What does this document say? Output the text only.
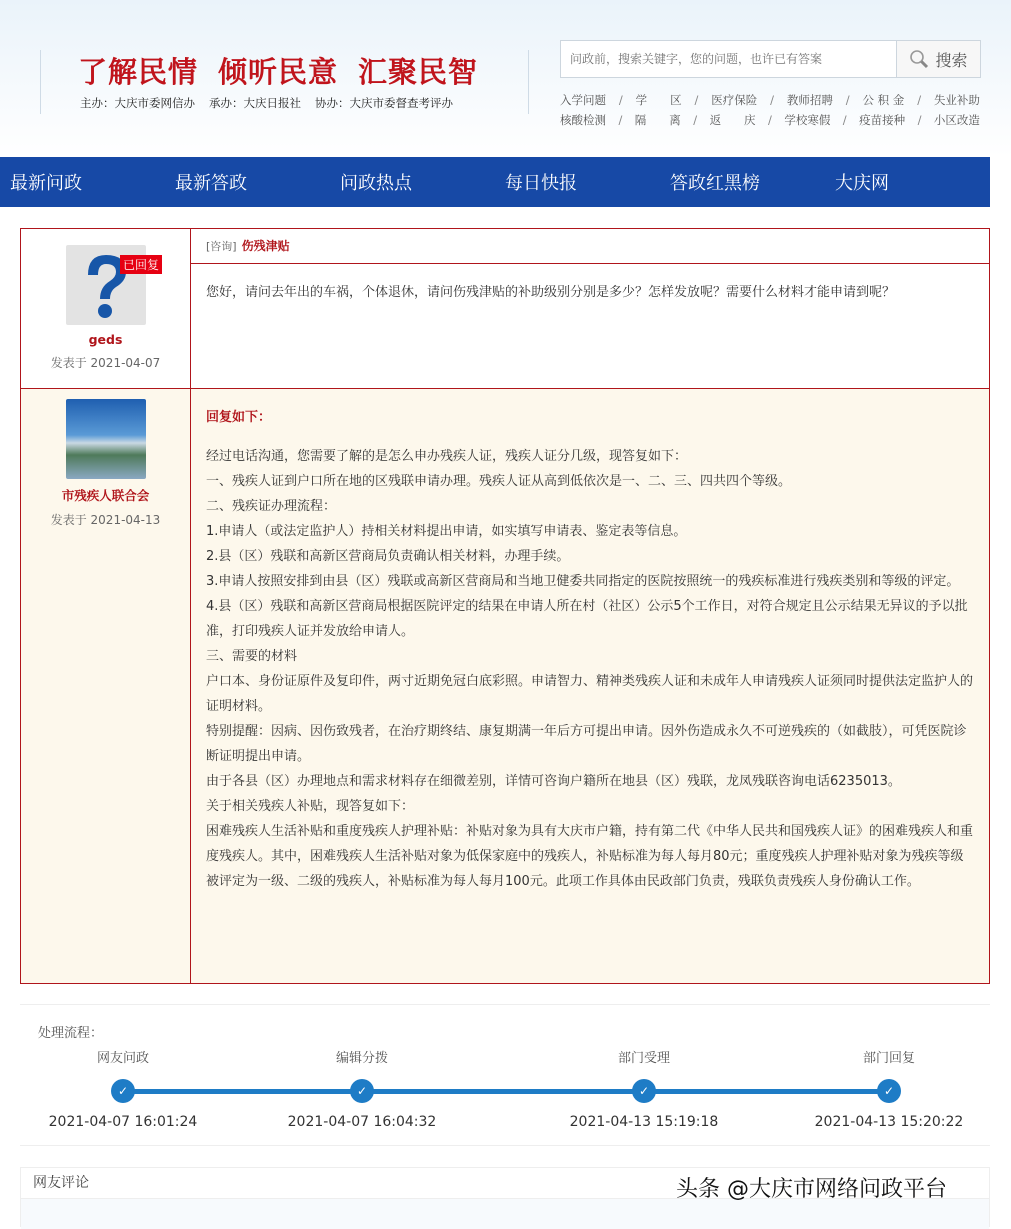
了解民情 倾听民意 汇聚民智
主办：大庆市委网信办 承办：大庆日报社 协办：大庆市委督查考评办
问政前，搜索关键字，您的问题，也许已有答案
搜索
入学问题 / 学　　区 / 医疗保险 / 教师招聘 / 公 积 金 / 失业补助
核酸检测 / 隔　　离 / 返　　庆 / 学校寒假 / 疫苗接种 / 小区改造
最新问政	最新答政	问政热点	每日快报	答政红黑榜	大庆网
已回复
geds
发表于 2021-04-07
[咨询] 伤残津贴
您好，请问去年出的车祸，个体退休，请问伤残津贴的补助级别分别是多少？怎样发放呢？需要什么材料才能申请到呢？
市残疾人联合会
发表于 2021-04-13
回复如下：
经过电话沟通，您需要了解的是怎么申办残疾人证，残疾人证分几级，现答复如下：
一、残疾人证到户口所在地的区残联申请办理。残疾人证从高到低依次是一、二、三、四共四个等级。
二、残疾证办理流程：
1.申请人（或法定监护人）持相关材料提出申请，如实填写申请表、鉴定表等信息。
2.县（区）残联和高新区营商局负责确认相关材料，办理手续。
3.申请人按照安排到由县（区）残联或高新区营商局和当地卫健委共同指定的医院按照统一的残疾标准进行残疾类别和等级的评定。
4.县（区）残联和高新区营商局根据医院评定的结果在申请人所在村（社区）公示5个工作日，对符合规定且公示结果无异议的予以批准，打印残疾人证并发放给申请人。
三、需要的材料
户口本、身份证原件及复印件，两寸近期免冠白底彩照。申请智力、精神类残疾人证和未成年人申请残疾人证须同时提供法定监护人的证明材料。
特别提醒：因病、因伤致残者，在治疗期终结、康复期满一年后方可提出申请。因外伤造成永久不可逆残疾的（如截肢），可凭医院诊断证明提出申请。
由于各县（区）办理地点和需求材料存在细微差别，详情可咨询户籍所在地县（区）残联，龙凤残联咨询电话6235013。
关于相关残疾人补贴，现答复如下：
困难残疾人生活补贴和重度残疾人护理补贴：补贴对象为具有大庆市户籍，持有第二代《中华人民共和国残疾人证》的困难残疾人和重度残疾人。其中，困难残疾人生活补贴对象为低保家庭中的残疾人，补贴标准为每人每月80元；重度残疾人护理补贴对象为残疾等级被评定为一级、二级的残疾人，补贴标准为每人每月100元。此项工作具体由民政部门负责，残联负责残疾人身份确认工作。
处理流程：
网友问政
✓
2021-04-07 16:01:24
编辑分拨
✓
2021-04-07 16:04:32
部门受理
✓
2021-04-13 15:19:18
部门回复
✓
2021-04-13 15:20:22
网友评论	头条 @大庆市网络问政平台
